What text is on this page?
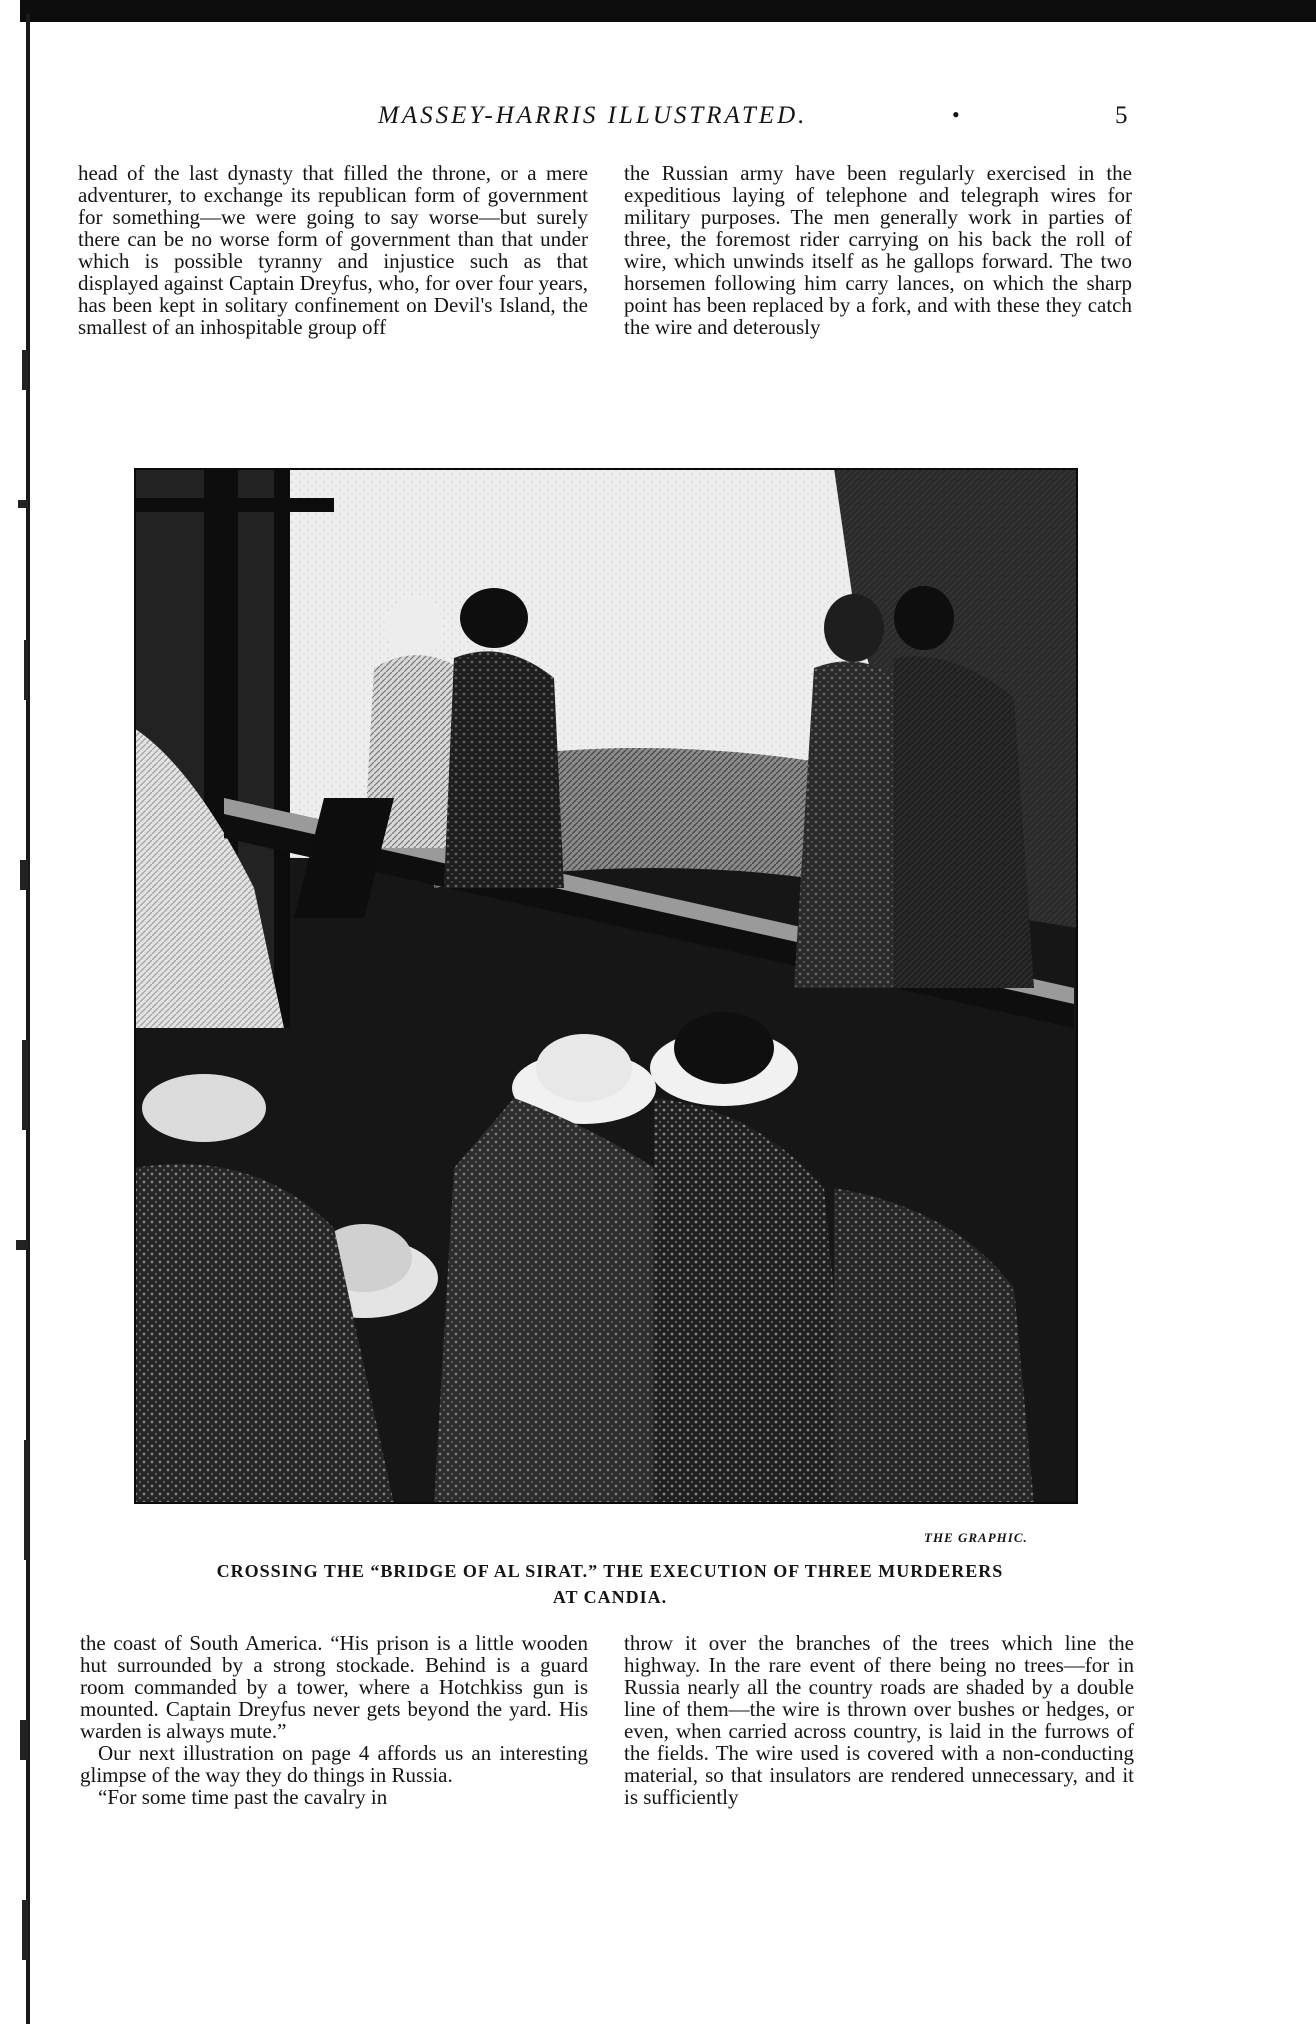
MASSEY-HARRIS ILLUSTRATED.	•	5

head of the last dynasty that filled the throne, or a mere adventurer, to exchange its republican form of government for something—we were going to say worse—but surely there can be no worse form of government than that under which is possible tyranny and injustice such as that displayed against Captain Dreyfus, who, for over four years, has been kept in solitary confinement on Devil's Island, the smallest of an inhospitable group off

the Russian army have been regularly exercised in the expeditious laying of telephone and telegraph wires for military purposes. The men generally work in parties of three, the foremost rider carrying on his back the roll of wire, which unwinds itself as he gallops forward. The two horsemen following him carry lances, on which the sharp point has been replaced by a fork, and with these they catch the wire and deterously

THE GRAPHIC.
CROSSING THE “BRIDGE OF AL SIRAT.” THE EXECUTION OF THREE MURDERERS
AT CANDIA.

the coast of South America. “His prison is a little wooden hut surrounded by a strong stockade. Behind is a guard room commanded by a tower, where a Hotchkiss gun is mounted. Captain Dreyfus never gets beyond the yard. His warden is always mute.”

Our next illustration on page 4 affords us an interesting glimpse of the way they do things in Russia.

“For some time past the cavalry in

throw it over the branches of the trees which line the highway. In the rare event of there being no trees—for in Russia nearly all the country roads are shaded by a double line of them—the wire is thrown over bushes or hedges, or even, when carried across country, is laid in the furrows of the fields. The wire used is covered with a non-conducting material, so that insulators are rendered unnecessary, and it is sufficiently
